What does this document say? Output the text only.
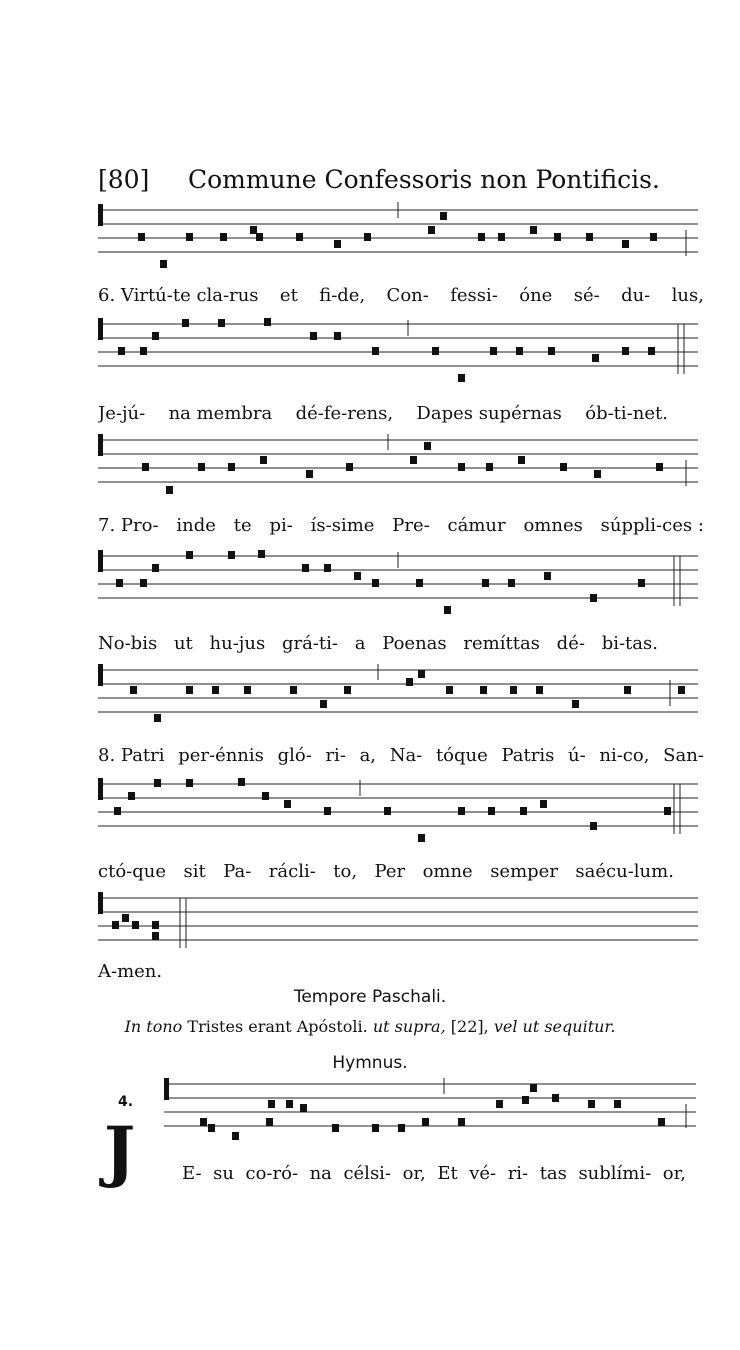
[80] Commune Confessoris non Pontificis.
6. Virtú-te cla-rus et fi-de, Con- fessi- óne sé- du- lus,
Je-jú- na membra dé-fe-rens, Dapes supérnas ób-ti-net.
7. Pro- inde te pi- ís-sime Pre- cámur omnes súppli-ces :
No-bis ut hu-jus grá-ti- a Poenas remíttas dé- bi-tas.
8. Patri per-énnis gló- ri- a, Na- tóque Patris ú- ni-co, San-
ctó-que sit Pa- rácli- to, Per omne semper saécu-lum.
A-men.
Tempore Paschali.
In tono Tristes erant Apóstoli. ut supra, [22], vel ut sequitur.
Hymnus.
4.
J	E- su co-ró- na célsi- or, Et vé- ri- tas sublími- or,
